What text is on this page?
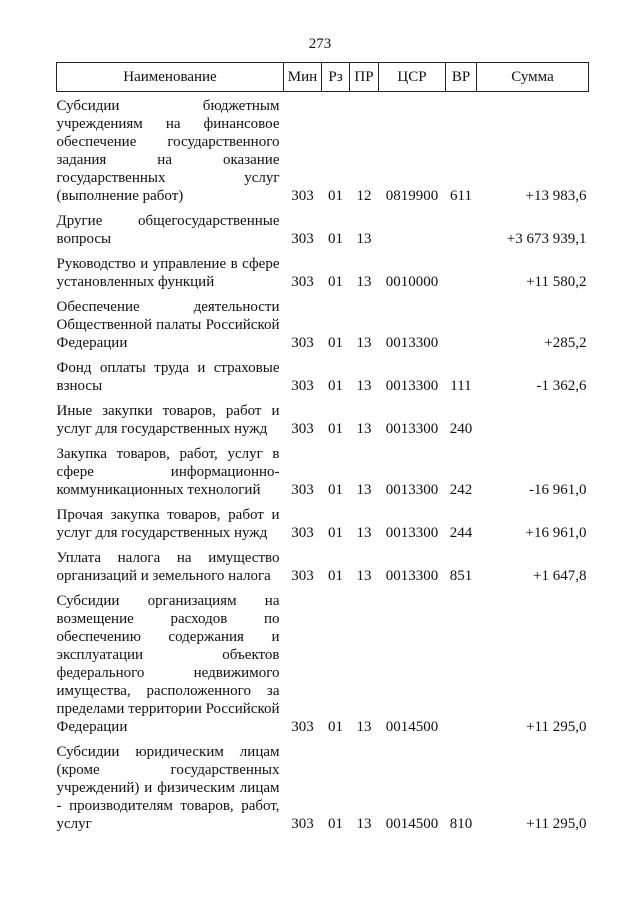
273
Наименование	Мин	Рз	ПР	ЦСР	ВР	Сумма
Субсидии бюджетным учреждениям на финансовое обеспечение государственного задания на оказание государственных услуг (выполнение работ)	303	01	12	0819900	611	+13 983,6
Другие общегосударственные вопросы	303	01	13			+3 673 939,1
Руководство и управление в сфере установленных функций	303	01	13	0010000		+11 580,2
Обеспечение деятельности Общественной палаты Российской Федерации	303	01	13	0013300		+285,2
Фонд оплаты труда и страховые взносы	303	01	13	0013300	111	-1 362,6
Иные закупки товаров, работ и услуг для государственных нужд	303	01	13	0013300	240	
Закупка товаров, работ, услуг в сфере информационно-коммуникационных технологий	303	01	13	0013300	242	-16 961,0
Прочая закупка товаров, работ и услуг для государственных нужд	303	01	13	0013300	244	+16 961,0
Уплата налога на имущество организаций и земельного налога	303	01	13	0013300	851	+1 647,8
Субсидии организациям на возмещение расходов по обеспечению содержания и эксплуатации объектов федерального недвижимого имущества, расположенного за пределами территории Российской Федерации	303	01	13	0014500		+11 295,0
Субсидии юридическим лицам (кроме государственных учреждений) и физическим лицам - производителям товаров, работ, услуг	303	01	13	0014500	810	+11 295,0
